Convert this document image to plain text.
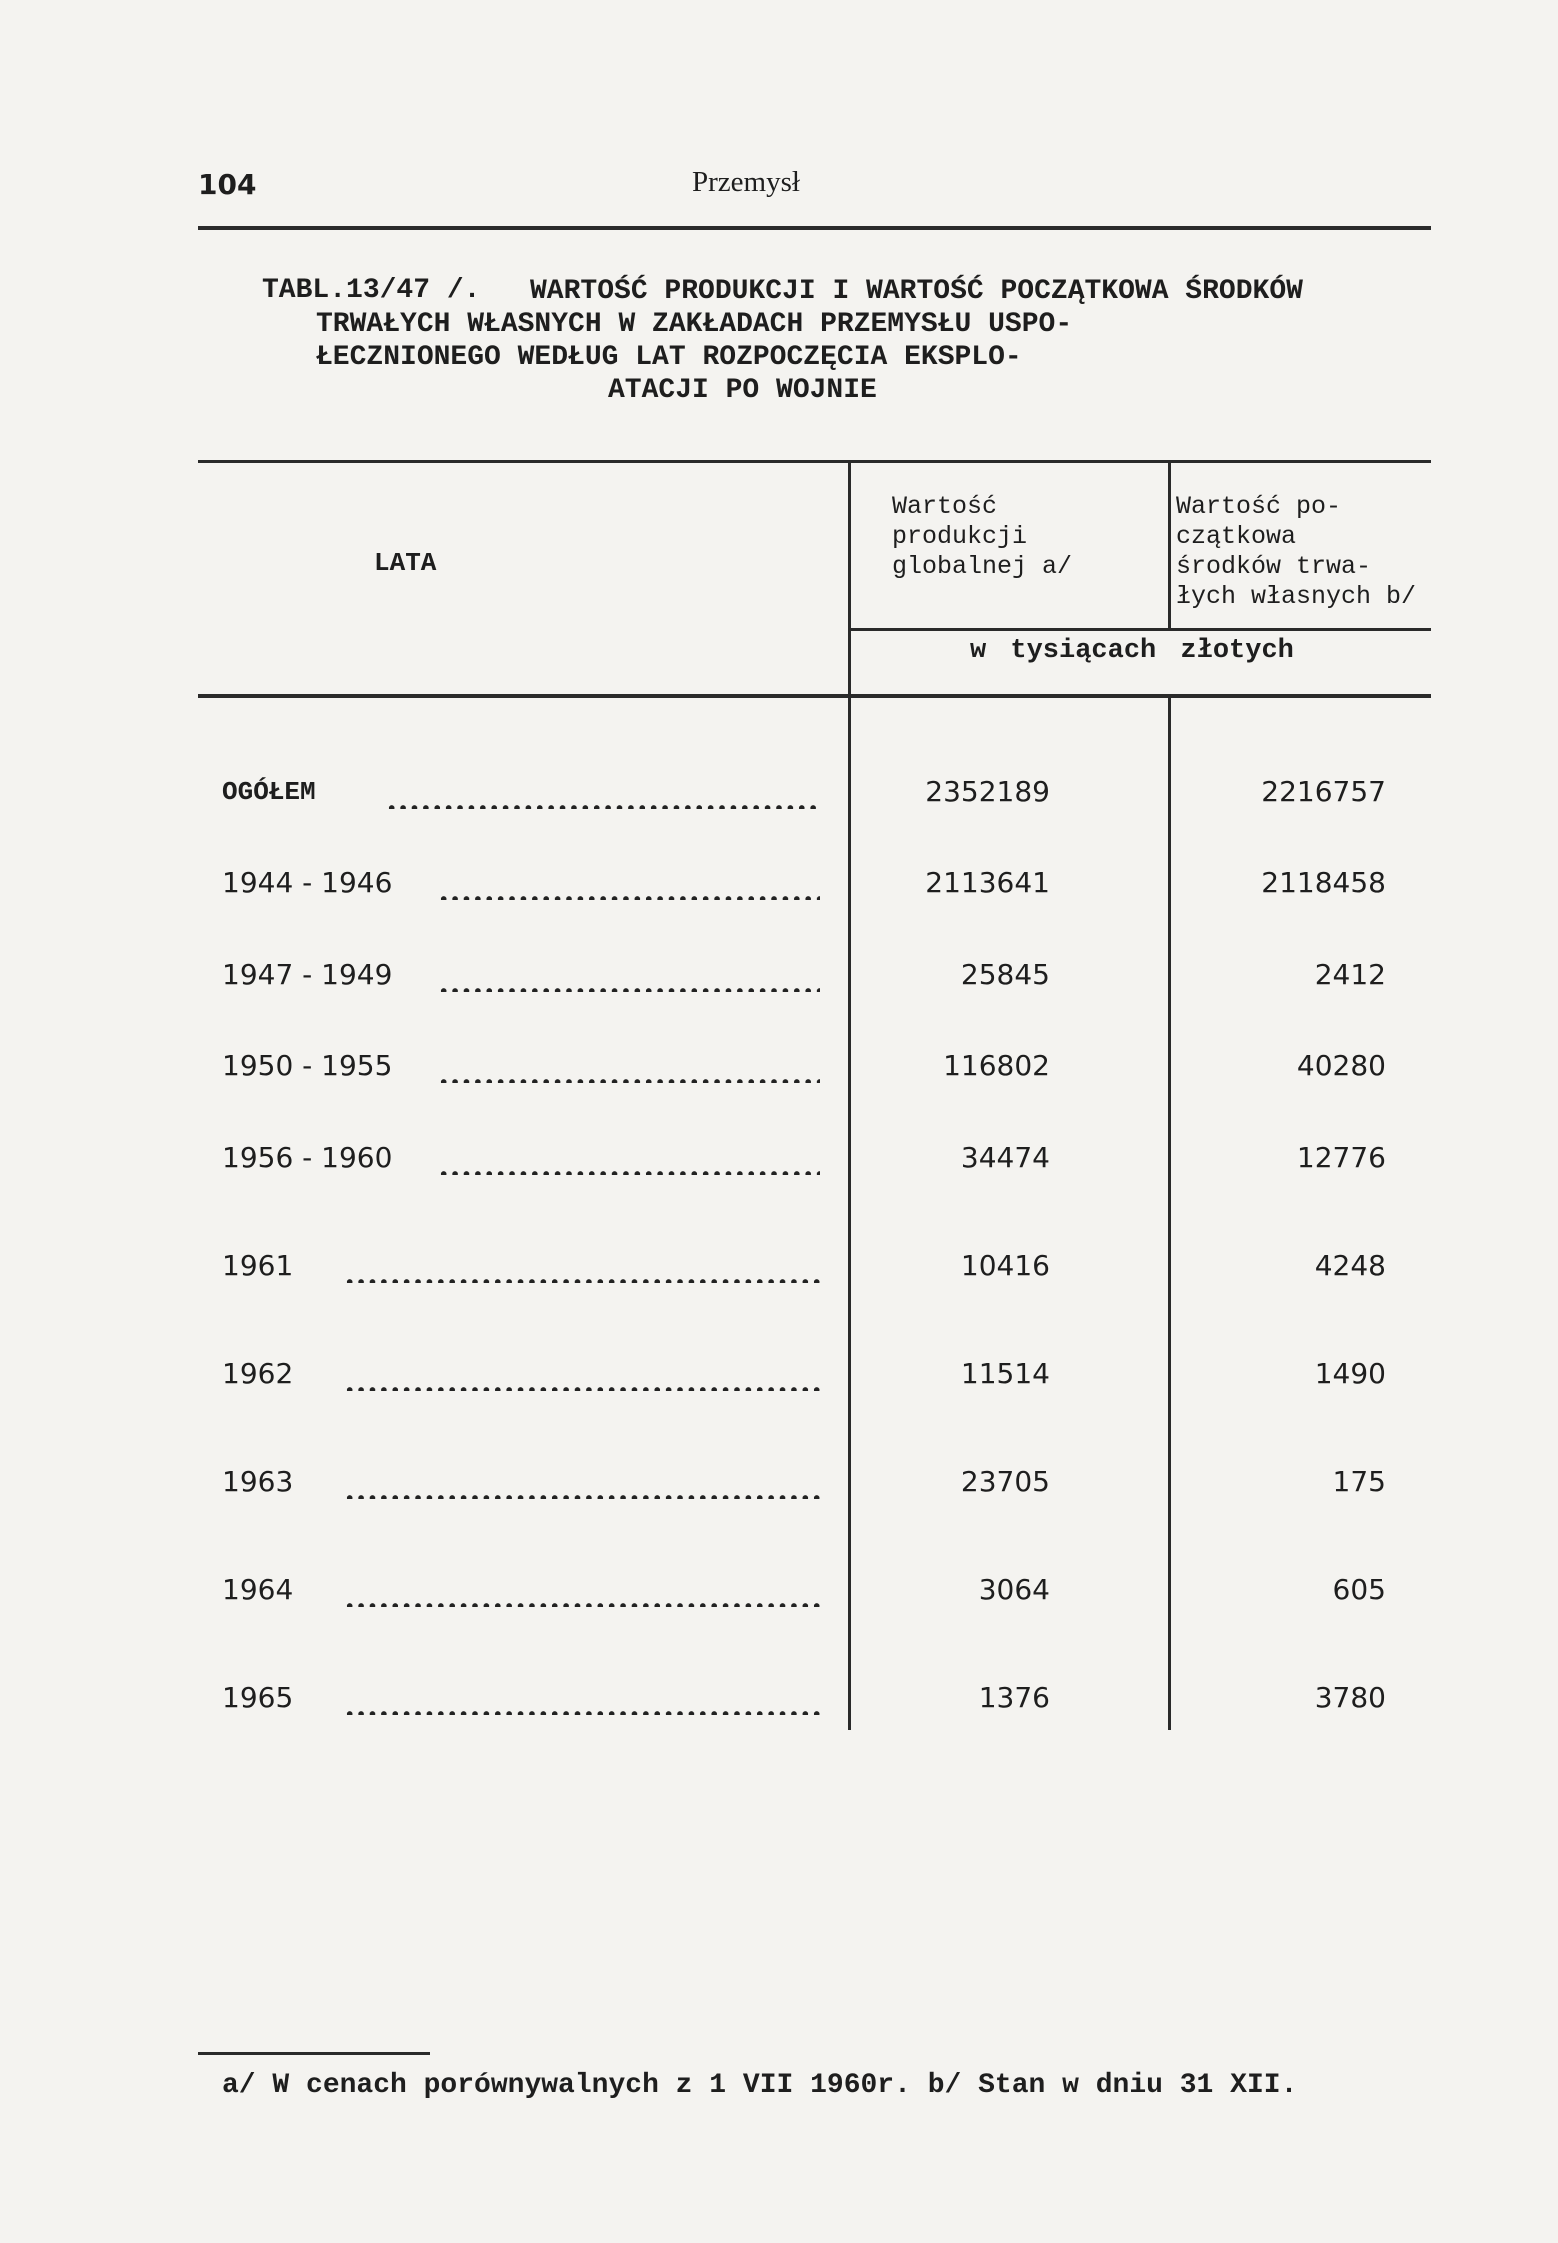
104	Przemysł
TABL.13/47 /.	WARTOŚĆ PRODUKCJI I WARTOŚĆ POCZĄTKOWA ŚRODKÓW
TRWAŁYCH WŁASNYCH W ZAKŁADACH PRZEMYSŁU USPO-
ŁECZNIONEGO WEDŁUG LAT ROZPOCZĘCIA EKSPLO-
ATACJI PO WOJNIE
LATA
Wartość
produkcji
globalnej a/
Wartość po-
czątkowa
środków trwa-
łych własnych b/
w tysiącach złotych
OGÓŁEM	2352189	2216757
1944 - 1946	2113641	2118458
1947 - 1949	25845	2412
1950 - 1955	116802	40280
1956 - 1960	34474	12776
1961	10416	4248
1962	11514	1490
1963	23705	175
1964	3064	605
1965	1376	3780
a/ W cenach porównywalnych z 1 VII 1960r. b/ Stan w dniu 31 XII.
